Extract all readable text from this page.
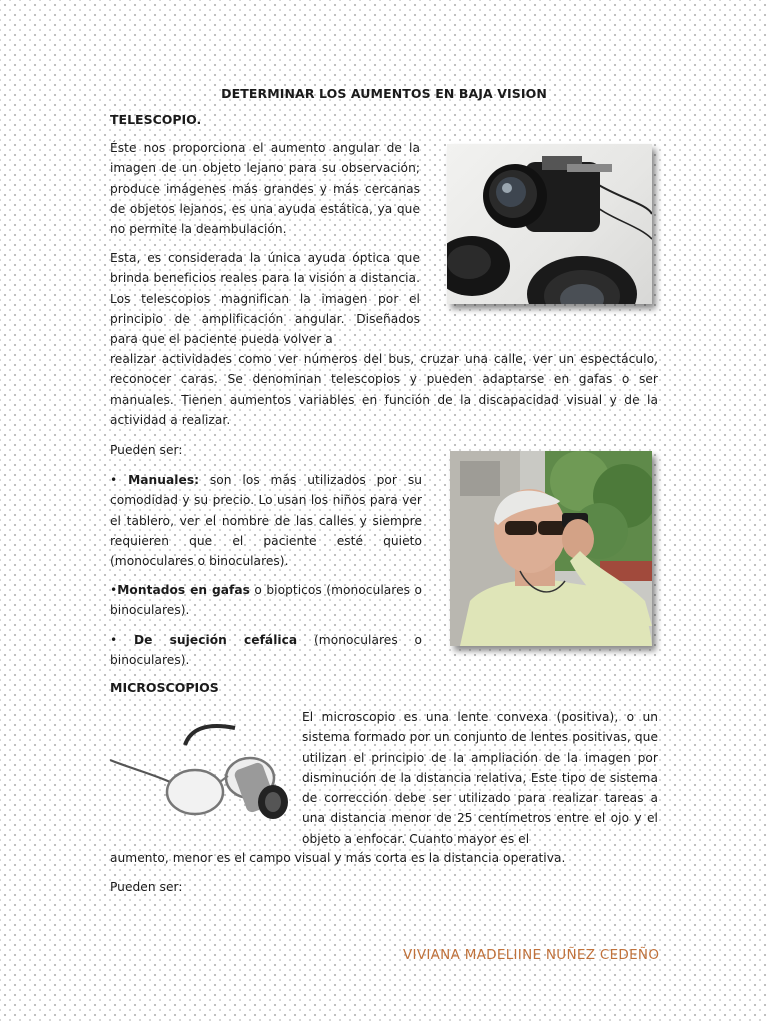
DETERMINAR LOS AUMENTOS EN BAJA VISION
TELESCOPIO.
Éste nos proporciona el aumento angular de la imagen de un objeto lejano para su observación; produce imágenes más grandes y más cercanas de objetos lejanos, es una ayuda estática, ya que no permite la deambulación.
Esta, es considerada la única ayuda óptica que brinda beneficios reales para la visión a distancia. Los telescopios magnifican la imagen por el principio de amplificación angular. Diseñados para que el paciente pueda volver a
realizar actividades como ver números del bus, cruzar una calle, ver un espectáculo, reconocer caras. Se denominan telescopios y pueden adaptarse en gafas o ser manuales. Tienen aumentos variables en función de la discapacidad visual y de la actividad a realizar.
Pueden ser:
• Manuales: son los más utilizados por su comodidad y su precio. Lo usan los niños para ver el tablero, ver el nombre de las calles y siempre requieren que el paciente esté quieto (monoculares o binoculares).
•Montados en gafas o biopticos (monoculares o binoculares).
• De sujeción cefálica (monoculares o binoculares).
MICROSCOPIOS
El microscopio es una lente convexa (positiva), o un sistema formado por un conjunto de lentes positivas, que utilizan el principio de la ampliación de la imagen por disminución de la distancia relativa, Este tipo de sistema de corrección debe ser utilizado para realizar tareas a una distancia menor de 25 centímetros entre el ojo y el objeto a enfocar. Cuanto mayor es el
aumento, menor es el campo visual y más corta es la distancia operativa.
Pueden ser:
VIVIANA MADELIINE NUÑEZ CEDEÑO
